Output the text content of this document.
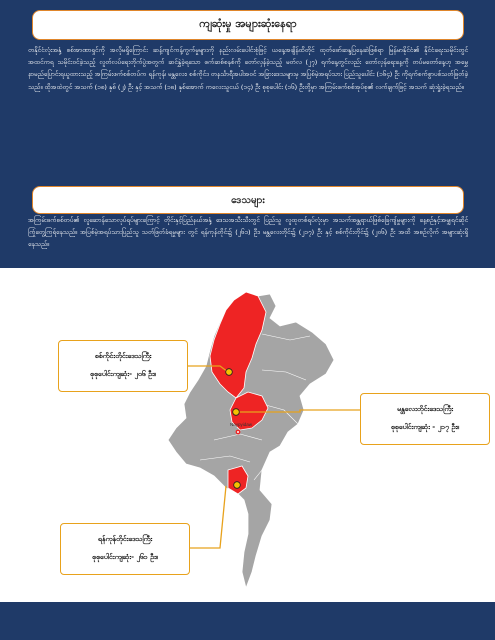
ကျဆုံးမှု အများဆုံးနေရာ
တနိုင်ငံလုံးအနှံ့ စစ်အာဏာရှင်ကို အလိုမရှိကြောင်း ဆန့်ကျင်ကန့်ကွက်မှုများကို နည်းလမ်းပေါင်းစုံဖြင့် ယနေ့အချိန်ထိတိုင် ထုတ်ဖော်ဆန္ဒပြနေဆဲဖြစ်ရာ မြန်မာနိုင်ငံ၏ နိုင်ငံရေးသမိုင်းတွင် အထင်ကရ သမိုင်းဝင်ခဲ့သည့် လူတ်လပ်ရေးတိုက်ပွဲအတွက် ဆင်နွှဲခဲ့ရသော ဖက်ဆစ်စနစ်ကို တော်လှန်ခဲ့သည့် မတ်လ (၂၇) ရက်နေ့တွင်လည်း တော်လှန်ရေးနေ့ကို တပ်မတော်နေ့ဟု အမွှေနာမည်ပြောင်းရယူထားသည့် အကြမ်းဖက်စစ်တပ်က ရန်ကုန်၊ မန္တလေး၊ စစ်ကိုင်း၊ တနင်္သာရီအပါအဝင် အခြားဒေသများမှ အပြစ်မဲ့အရပ်သား ပြည်သူပေါင်း (၁၆၄) ဦး ကိုရက်စက်စွာပစ်သတ်ဖြတ်ခဲ့သည်။ ထိုအထဲတွင် အသက် (၁၈) နှစ် (၂) ဦး နှင့် အသက် (၁၈) နှစ်အောက် ကလေးသူငယ် (၁၄) ဦး စုစုပေါင်း (၁၆) ဦးတို့မှာ အကြမ်းဖက်စစ်အုပ်စု၏ လက်ချက်ဖြင့် အသက် ဆုံးရှုံးခဲ့ရသည်။
ဒေသများ
အကြမ်းဖက်စစ်တပ်၏ လူဆောန်သောလုပ်ရပ်များကြောင့် တိုင်းနှင့်ပြည်နယ်အနှံ့ ဒေသအသီးသီးတွင် ပြည်သူ လူထုတစ်ရပ်လုံးမှာ အသက်အန္တရာယ်ဖြစ်ခြေကျ်မှုများကို နေ့စဉ်နှင့်အမျှရင်ဆိုင်ကြုံတွေ့ကြရ်နေသည်။ အပြစ်မဲ့အရပ်သားပြည်သူ သတ်ဖြတ်ခံရမှုများ တွင် ရန်ကုန်တိုင်း၌ (၂၆၁) ဦး၊ မန္တလေးတိုင်း၌ (၂၁၇) ဦး နှင့် စစ်ကိုင်းတိုင်း၌ (၂၀၆) ဦး အထိ အစဉ်လိုက် အများဆုံးရှိနေသည်။
Naypyidaw
စစ်ကိုင်းတိုင်းဒေသကြီး
စုစုပေါင်းကျဆုံး- ၂၀၆ ဦး။
မန္တလေးတိုင်းဒေသကြီး
စုစုပေါင်းကျဆုံး - ၂၁၇ ဦး။
ရန်ကုန်တိုင်းဒေသကြီး
စုစုပေါင်းကျဆုံး- ၂၆၁ ဦး။
